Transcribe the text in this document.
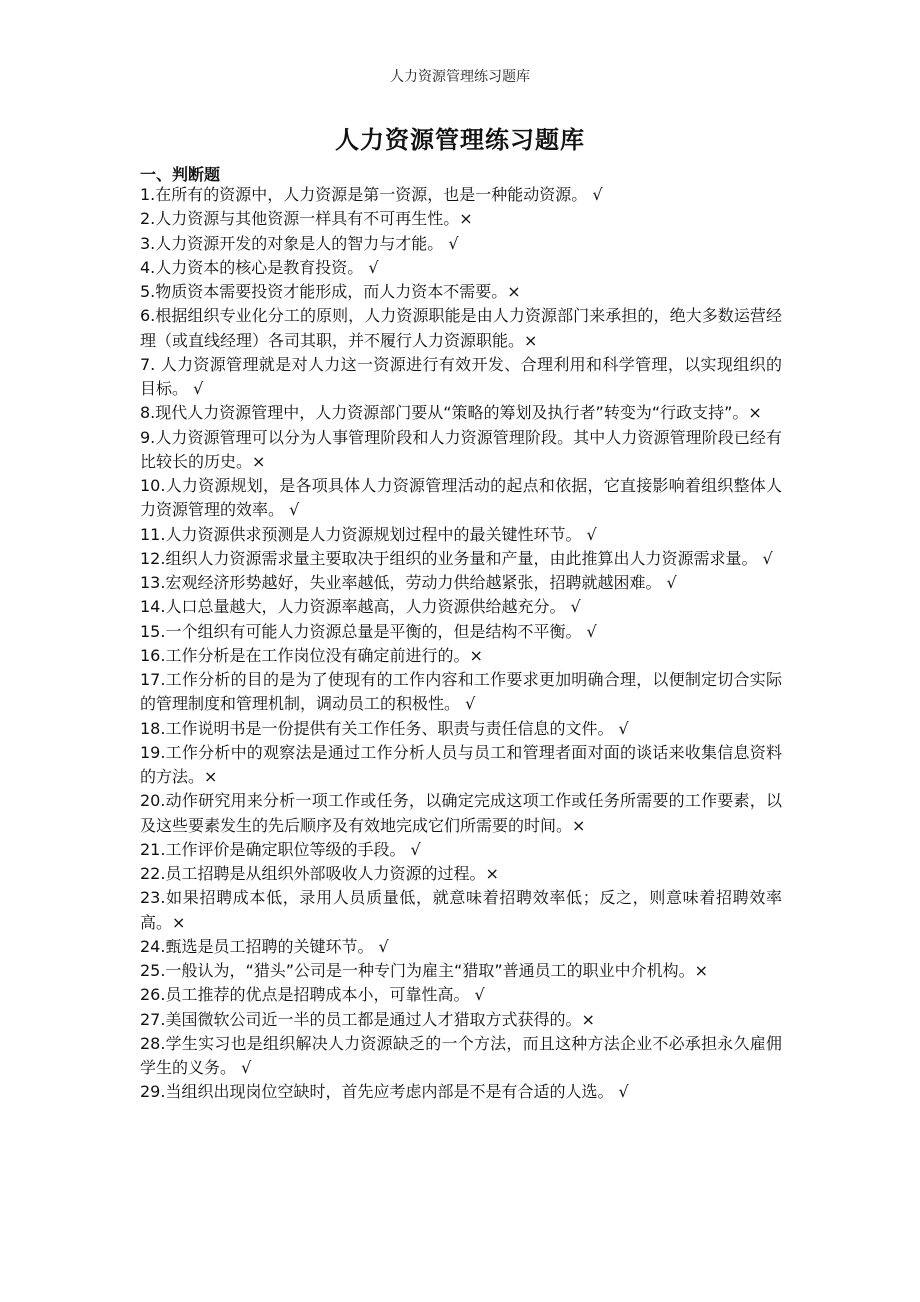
人力资源管理练习题库
人力资源管理练习题库
一、判断题

1.在所有的资源中，人力资源是第一资源，也是一种能动资源。 √

2.人力资源与其他资源一样具有不可再生性。×

3.人力资源开发的对象是人的智力与才能。 √

4.人力资本的核心是教育投资。 √

5.物质资本需要投资才能形成，而人力资本不需要。×

6.根据组织专业化分工的原则，人力资源职能是由人力资源部门来承担的，绝大多数运营经理（或直线经理）各司其职，并不履行人力资源职能。×

7. 人力资源管理就是对人力这一资源进行有效开发、合理利用和科学管理，以实现组织的目标。 √

8.现代人力资源管理中，人力资源部门要从“策略的筹划及执行者”转变为“行政支持”。×

9.人力资源管理可以分为人事管理阶段和人力资源管理阶段。其中人力资源管理阶段已经有比较长的历史。×

10.人力资源规划，是各项具体人力资源管理活动的起点和依据，它直接影响着组织整体人力资源管理的效率。 √

11.人力资源供求预测是人力资源规划过程中的最关键性环节。 √

12.组织人力资源需求量主要取决于组织的业务量和产量，由此推算出人力资源需求量。 √

13.宏观经济形势越好，失业率越低，劳动力供给越紧张，招聘就越困难。 √

14.人口总量越大，人力资源率越高，人力资源供给越充分。 √

15.一个组织有可能人力资源总量是平衡的，但是结构不平衡。 √

16.工作分析是在工作岗位没有确定前进行的。×

17.工作分析的目的是为了使现有的工作内容和工作要求更加明确合理，以便制定切合实际的管理制度和管理机制，调动员工的积极性。 √

18.工作说明书是一份提供有关工作任务、职责与责任信息的文件。 √

19.工作分析中的观察法是通过工作分析人员与员工和管理者面对面的谈话来收集信息资料的方法。×

20.动作研究用来分析一项工作或任务，以确定完成这项工作或任务所需要的工作要素，以及这些要素发生的先后顺序及有效地完成它们所需要的时间。×

21.工作评价是确定职位等级的手段。 √

22.员工招聘是从组织外部吸收人力资源的过程。×

23.如果招聘成本低，录用人员质量低，就意味着招聘效率低；反之，则意味着招聘效率高。×

24.甄选是员工招聘的关键环节。 √

25.一般认为，“猎头”公司是一种专门为雇主“猎取”普通员工的职业中介机构。×

26.员工推荐的优点是招聘成本小，可靠性高。 √

27.美国微软公司近一半的员工都是通过人才猎取方式获得的。×

28.学生实习也是组织解决人力资源缺乏的一个方法，而且这种方法企业不必承担永久雇佣学生的义务。 √

29.当组织出现岗位空缺时，首先应考虑内部是不是有合适的人选。 √
